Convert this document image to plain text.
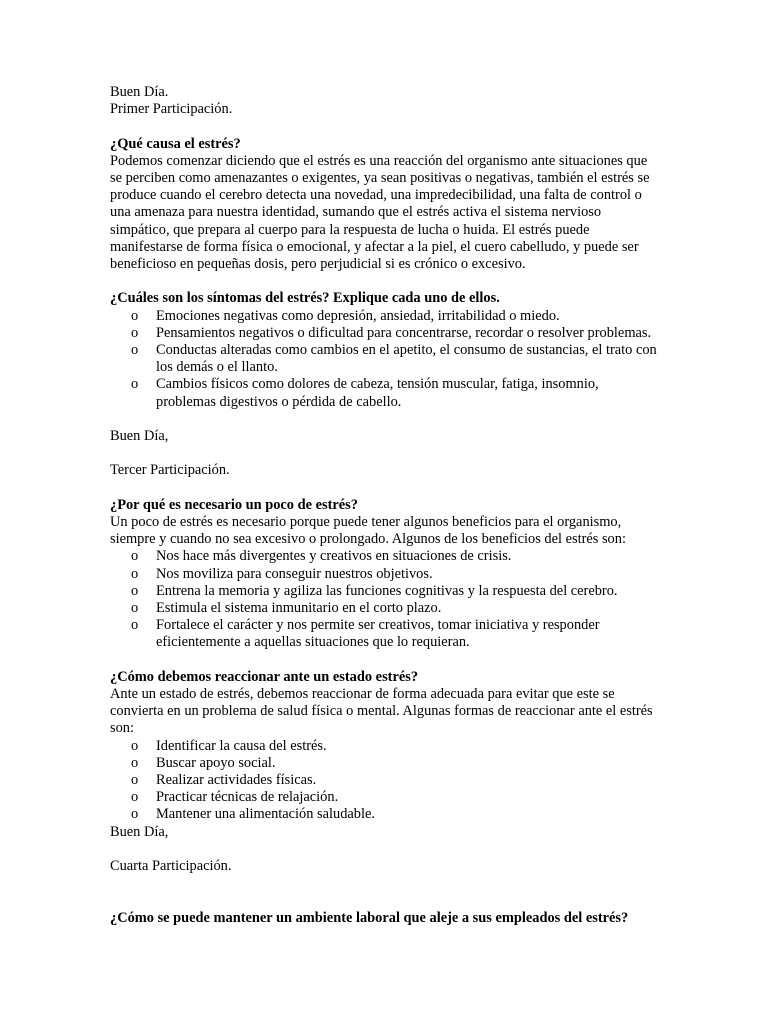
Buen Día.

Primer Participación.

¿Qué causa el estrés?

Podemos comenzar diciendo que el estrés es una reacción del organismo ante situaciones que se perciben como amenazantes o exigentes, ya sean positivas o negativas, también el estrés se produce cuando el cerebro detecta una novedad, una impredecibilidad, una falta de control o una amenaza para nuestra identidad, sumando que el estrés activa el sistema nervioso simpático, que prepara al cuerpo para la respuesta de lucha o huida. El estrés puede manifestarse de forma física o emocional, y afectar a la piel, el cuero cabelludo, y puede ser beneficioso en pequeñas dosis, pero perjudicial si es crónico o excesivo.

¿Cuáles son los síntomas del estrés? Explique cada uno de ellos.

o Emociones negativas como depresión, ansiedad, irritabilidad o miedo.
o Pensamientos negativos o dificultad para concentrarse, recordar o resolver problemas.
o Conductas alteradas como cambios en el apetito, el consumo de sustancias, el trato con los demás o el llanto.
o Cambios físicos como dolores de cabeza, tensión muscular, fatiga, insomnio, problemas digestivos o pérdida de cabello.

Buen Día,

Tercer Participación.

¿Por qué es necesario un poco de estrés?

Un poco de estrés es necesario porque puede tener algunos beneficios para el organismo, siempre y cuando no sea excesivo o prolongado. Algunos de los beneficios del estrés son:

o Nos hace más divergentes y creativos en situaciones de crisis.
o Nos moviliza para conseguir nuestros objetivos.
o Entrena la memoria y agiliza las funciones cognitivas y la respuesta del cerebro.
o Estimula el sistema inmunitario en el corto plazo.
o Fortalece el carácter y nos permite ser creativos, tomar iniciativa y responder eficientemente a aquellas situaciones que lo requieran.

¿Cómo debemos reaccionar ante un estado estrés?

Ante un estado de estrés, debemos reaccionar de forma adecuada para evitar que este se convierta en un problema de salud física o mental. Algunas formas de reaccionar ante el estrés son:

o Identificar la causa del estrés.
o Buscar apoyo social.
o Realizar actividades físicas.
o Practicar técnicas de relajación.
o Mantener una alimentación saludable.

Buen Día,

Cuarta Participación.

¿Cómo se puede mantener un ambiente laboral que aleje a sus empleados del estrés?
